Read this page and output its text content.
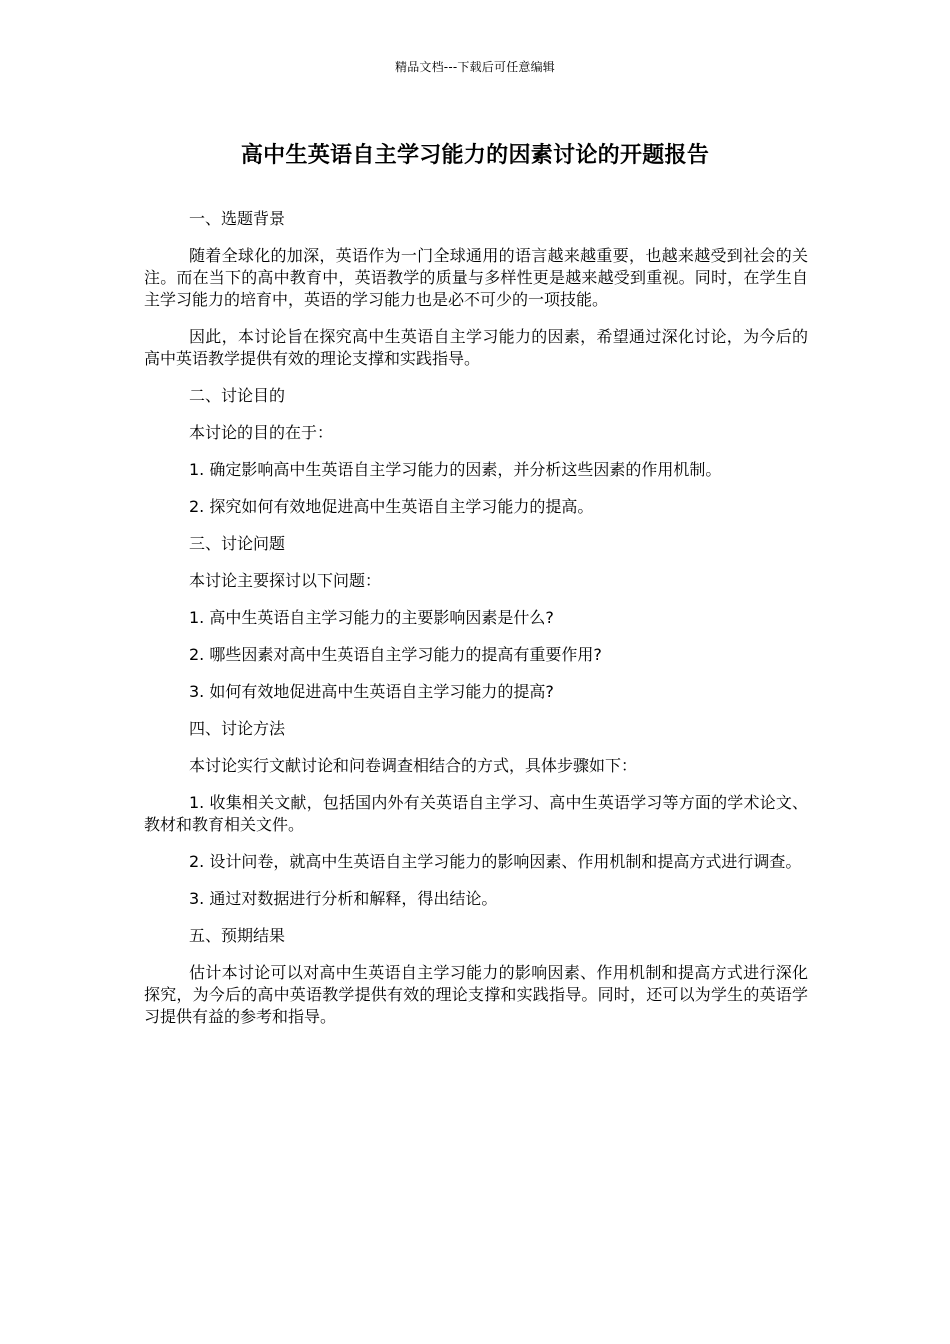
精品文档---下载后可任意编辑
高中生英语自主学习能力的因素讨论的开题报告

一、选题背景

随着全球化的加深，英语作为一门全球通用的语言越来越重要，也越来越受到社会的关注。而在当下的高中教育中，英语教学的质量与多样性更是越来越受到重视。同时，在学生自主学习能力的培育中，英语的学习能力也是必不可少的一项技能。

因此，本讨论旨在探究高中生英语自主学习能力的因素，希望通过深化讨论，为今后的高中英语教学提供有效的理论支撑和实践指导。

二、讨论目的

本讨论的目的在于：

1. 确定影响高中生英语自主学习能力的因素，并分析这些因素的作用机制。

2. 探究如何有效地促进高中生英语自主学习能力的提高。

三、讨论问题

本讨论主要探讨以下问题：

1. 高中生英语自主学习能力的主要影响因素是什么?

2. 哪些因素对高中生英语自主学习能力的提高有重要作用?

3. 如何有效地促进高中生英语自主学习能力的提高?

四、讨论方法

本讨论实行文献讨论和问卷调查相结合的方式，具体步骤如下：

1. 收集相关文献，包括国内外有关英语自主学习、高中生英语学习等方面的学术论文、教材和教育相关文件。

2. 设计问卷，就高中生英语自主学习能力的影响因素、作用机制和提高方式进行调查。

3. 通过对数据进行分析和解释，得出结论。

五、预期结果

估计本讨论可以对高中生英语自主学习能力的影响因素、作用机制和提高方式进行深化探究，为今后的高中英语教学提供有效的理论支撑和实践指导。同时，还可以为学生的英语学习提供有益的参考和指导。
